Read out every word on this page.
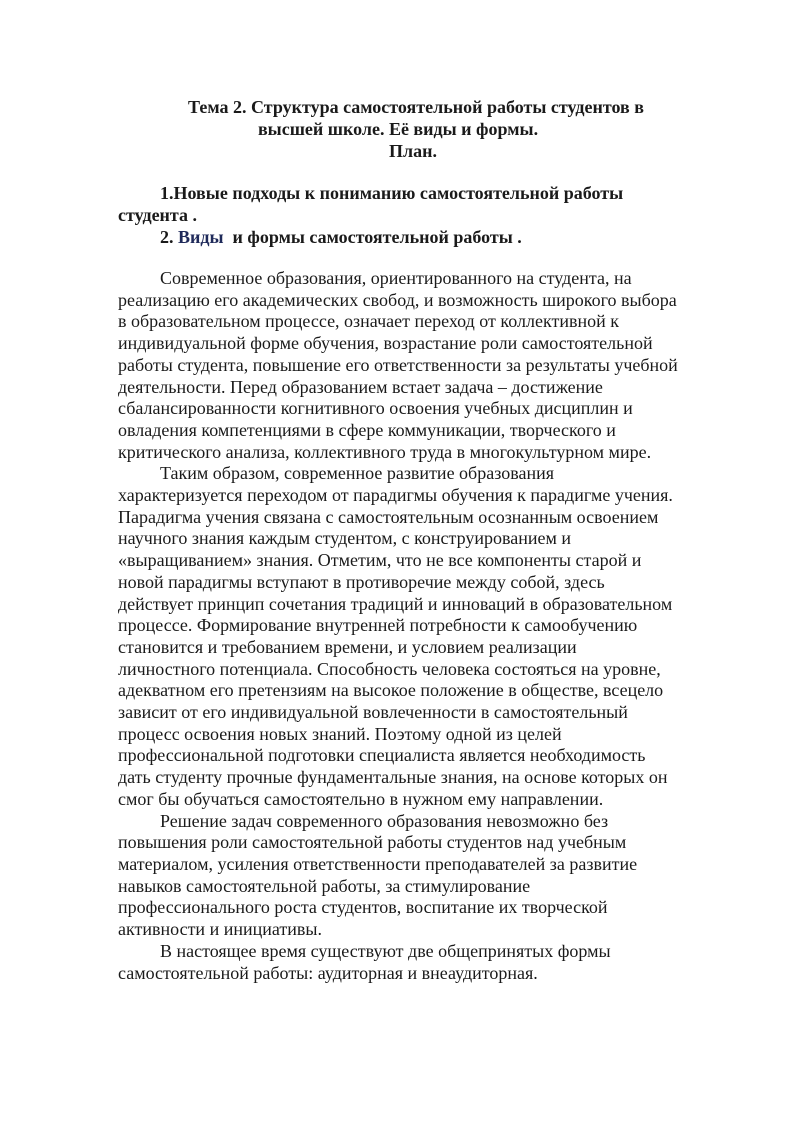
Тема 2. Структура самостоятельной работы студентов в
высшей школе. Её виды и формы.
План.

1.Новые подходы к пониманию самостоятельной работы студента .

2. Виды  и формы самостоятельной работы .

Современное образования, ориентированного на студента, на реализацию его академических свобод, и возможность широкого выбора в образовательном процессе, означает переход от коллективной к индивидуальной форме обучения, возрастание роли самостоятельной работы студента, повышение его ответственности за результаты учебной деятельности. Перед образованием встает задача – достижение сбалансированности когнитивного освоения учебных дисциплин и овладения компетенциями в сфере коммуникации, творческого и критического анализа, коллективного труда в многокультурном мире.

Таким образом, современное развитие образования характеризуется переходом от парадигмы обучения к парадигме учения. Парадигма учения связана с самостоятельным осознанным освоением научного знания каждым студентом, с конструированием и «выращиванием» знания. Отметим, что не все компоненты старой и новой парадигмы вступают в противоречие между собой, здесь действует принцип сочетания традиций и инноваций в образовательном процессе. Формирование внутренней потребности к самообучению становится и требованием времени, и условием реализации личностного потенциала. Способность человека состояться на уровне, адекватном его претензиям на высокое положение в обществе, всецело зависит от его индивидуальной вовлеченности в самостоятельный процесс освоения новых знаний. Поэтому одной из целей профессиональной подготовки специалиста является необходимость дать студенту прочные фундаментальные знания, на основе которых он смог бы обучаться самостоятельно в нужном ему направлении.

Решение задач современного образования невозможно без повышения роли самостоятельной работы студентов над учебным материалом, усиления ответственности преподавателей за развитие навыков самостоятельной работы, за стимулирование профессионального роста студентов, воспитание их творческой активности и инициативы.

В настоящее время существуют две общепринятых формы самостоятельной работы: аудиторная и внеаудиторная.
